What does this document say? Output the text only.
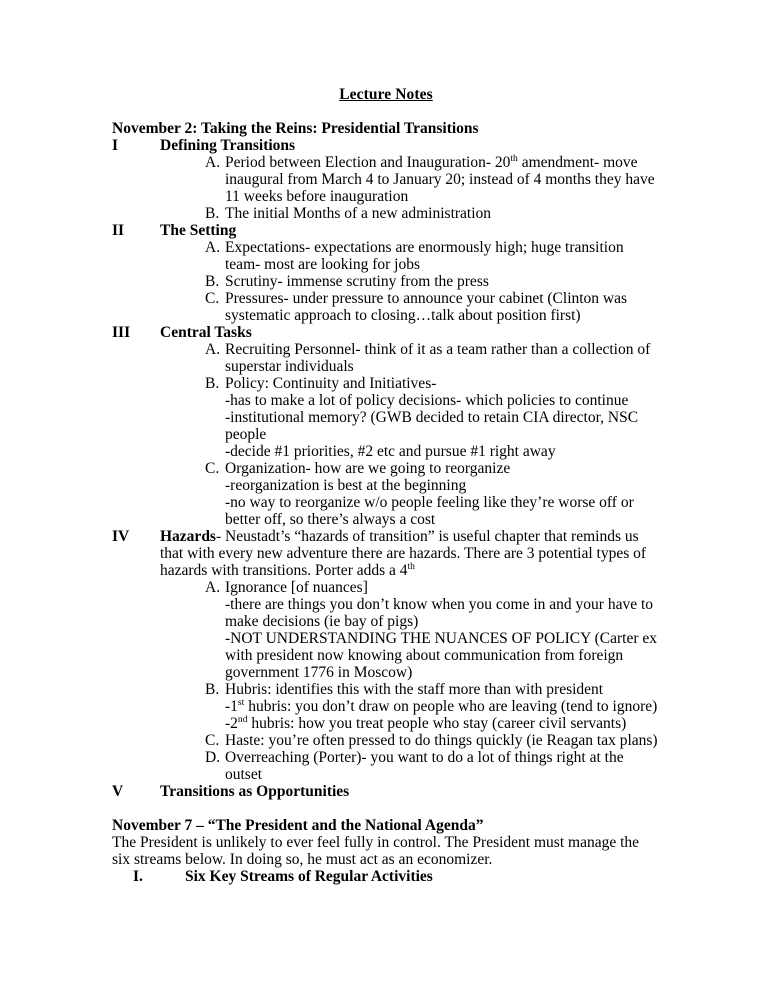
Lecture Notes
November 2: Taking the Reins: Presidential Transitions
I	Defining Transitions
A. Period between Election and Inauguration- 20th amendment- move inaugural from March 4 to January 20; instead of 4 months they have 11 weeks before inauguration
B. The initial Months of a new administration
II The Setting
A. Expectations- expectations are enormously high; huge transition team- most are looking for jobs
B. Scrutiny- immense scrutiny from the press
C. Pressures- under pressure to announce your cabinet (Clinton was systematic approach to closing…talk about position first)
III Central Tasks
A. Recruiting Personnel- think of it as a team rather than a collection of superstar individuals
B. Policy: Continuity and Initiatives-
-has to make a lot of policy decisions- which policies to continue
-institutional memory? (GWB decided to retain CIA director, NSC people
-decide #1 priorities, #2 etc and pursue #1 right away
C. Organization- how are we going to reorganize
-reorganization is best at the beginning
-no way to reorganize w/o people feeling like they’re worse off or better off, so there’s always a cost
IV Hazards- Neustadt’s “hazards of transition” is useful chapter that reminds us that with every new adventure there are hazards. There are 3 potential types of hazards with transitions. Porter adds a 4th
A. Ignorance [of nuances]
-there are things you don’t know when you come in and your have to make decisions (ie bay of pigs)
-NOT UNDERSTANDING THE NUANCES OF POLICY (Carter ex with president now knowing about communication from foreign government 1776 in Moscow)
B. Hubris: identifies this with the staff more than with president
-1st hubris: you don’t draw on people who are leaving (tend to ignore)
-2nd hubris: how you treat people who stay (career civil servants)
C. Haste: you’re often pressed to do things quickly (ie Reagan tax plans)
D. Overreaching (Porter)- you want to do a lot of things right at the outset
V Transitions as Opportunities
November 7 – “The President and the National Agenda”
The President is unlikely to ever feel fully in control. The President must manage the six streams below. In doing so, he must act as an economizer.
I.	Six Key Streams of Regular Activities
